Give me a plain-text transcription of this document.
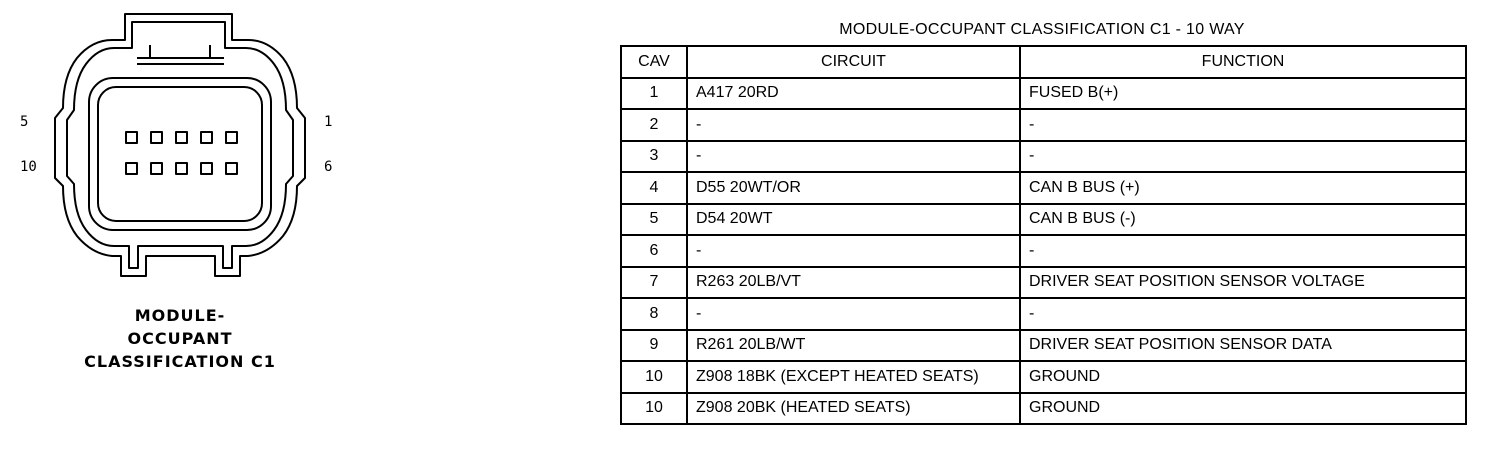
5
10
1
6
MODULE-
OCCUPANT
CLASSIFICATION C1
MODULE-OCCUPANT CLASSIFICATION C1 - 10 WAY
CAV	CIRCUIT	FUNCTION
1	A417 20RD	FUSED B(+)
2	-	-
3	-	-
4	D55 20WT/OR	CAN B BUS (+)
5	D54 20WT	CAN B BUS (-)
6	-	-
7	R263 20LB/VT	DRIVER SEAT POSITION SENSOR VOLTAGE
8	-	-
9	R261 20LB/WT	DRIVER SEAT POSITION SENSOR DATA
10	Z908 18BK (EXCEPT HEATED SEATS)	GROUND
10	Z908 20BK (HEATED SEATS)	GROUND
